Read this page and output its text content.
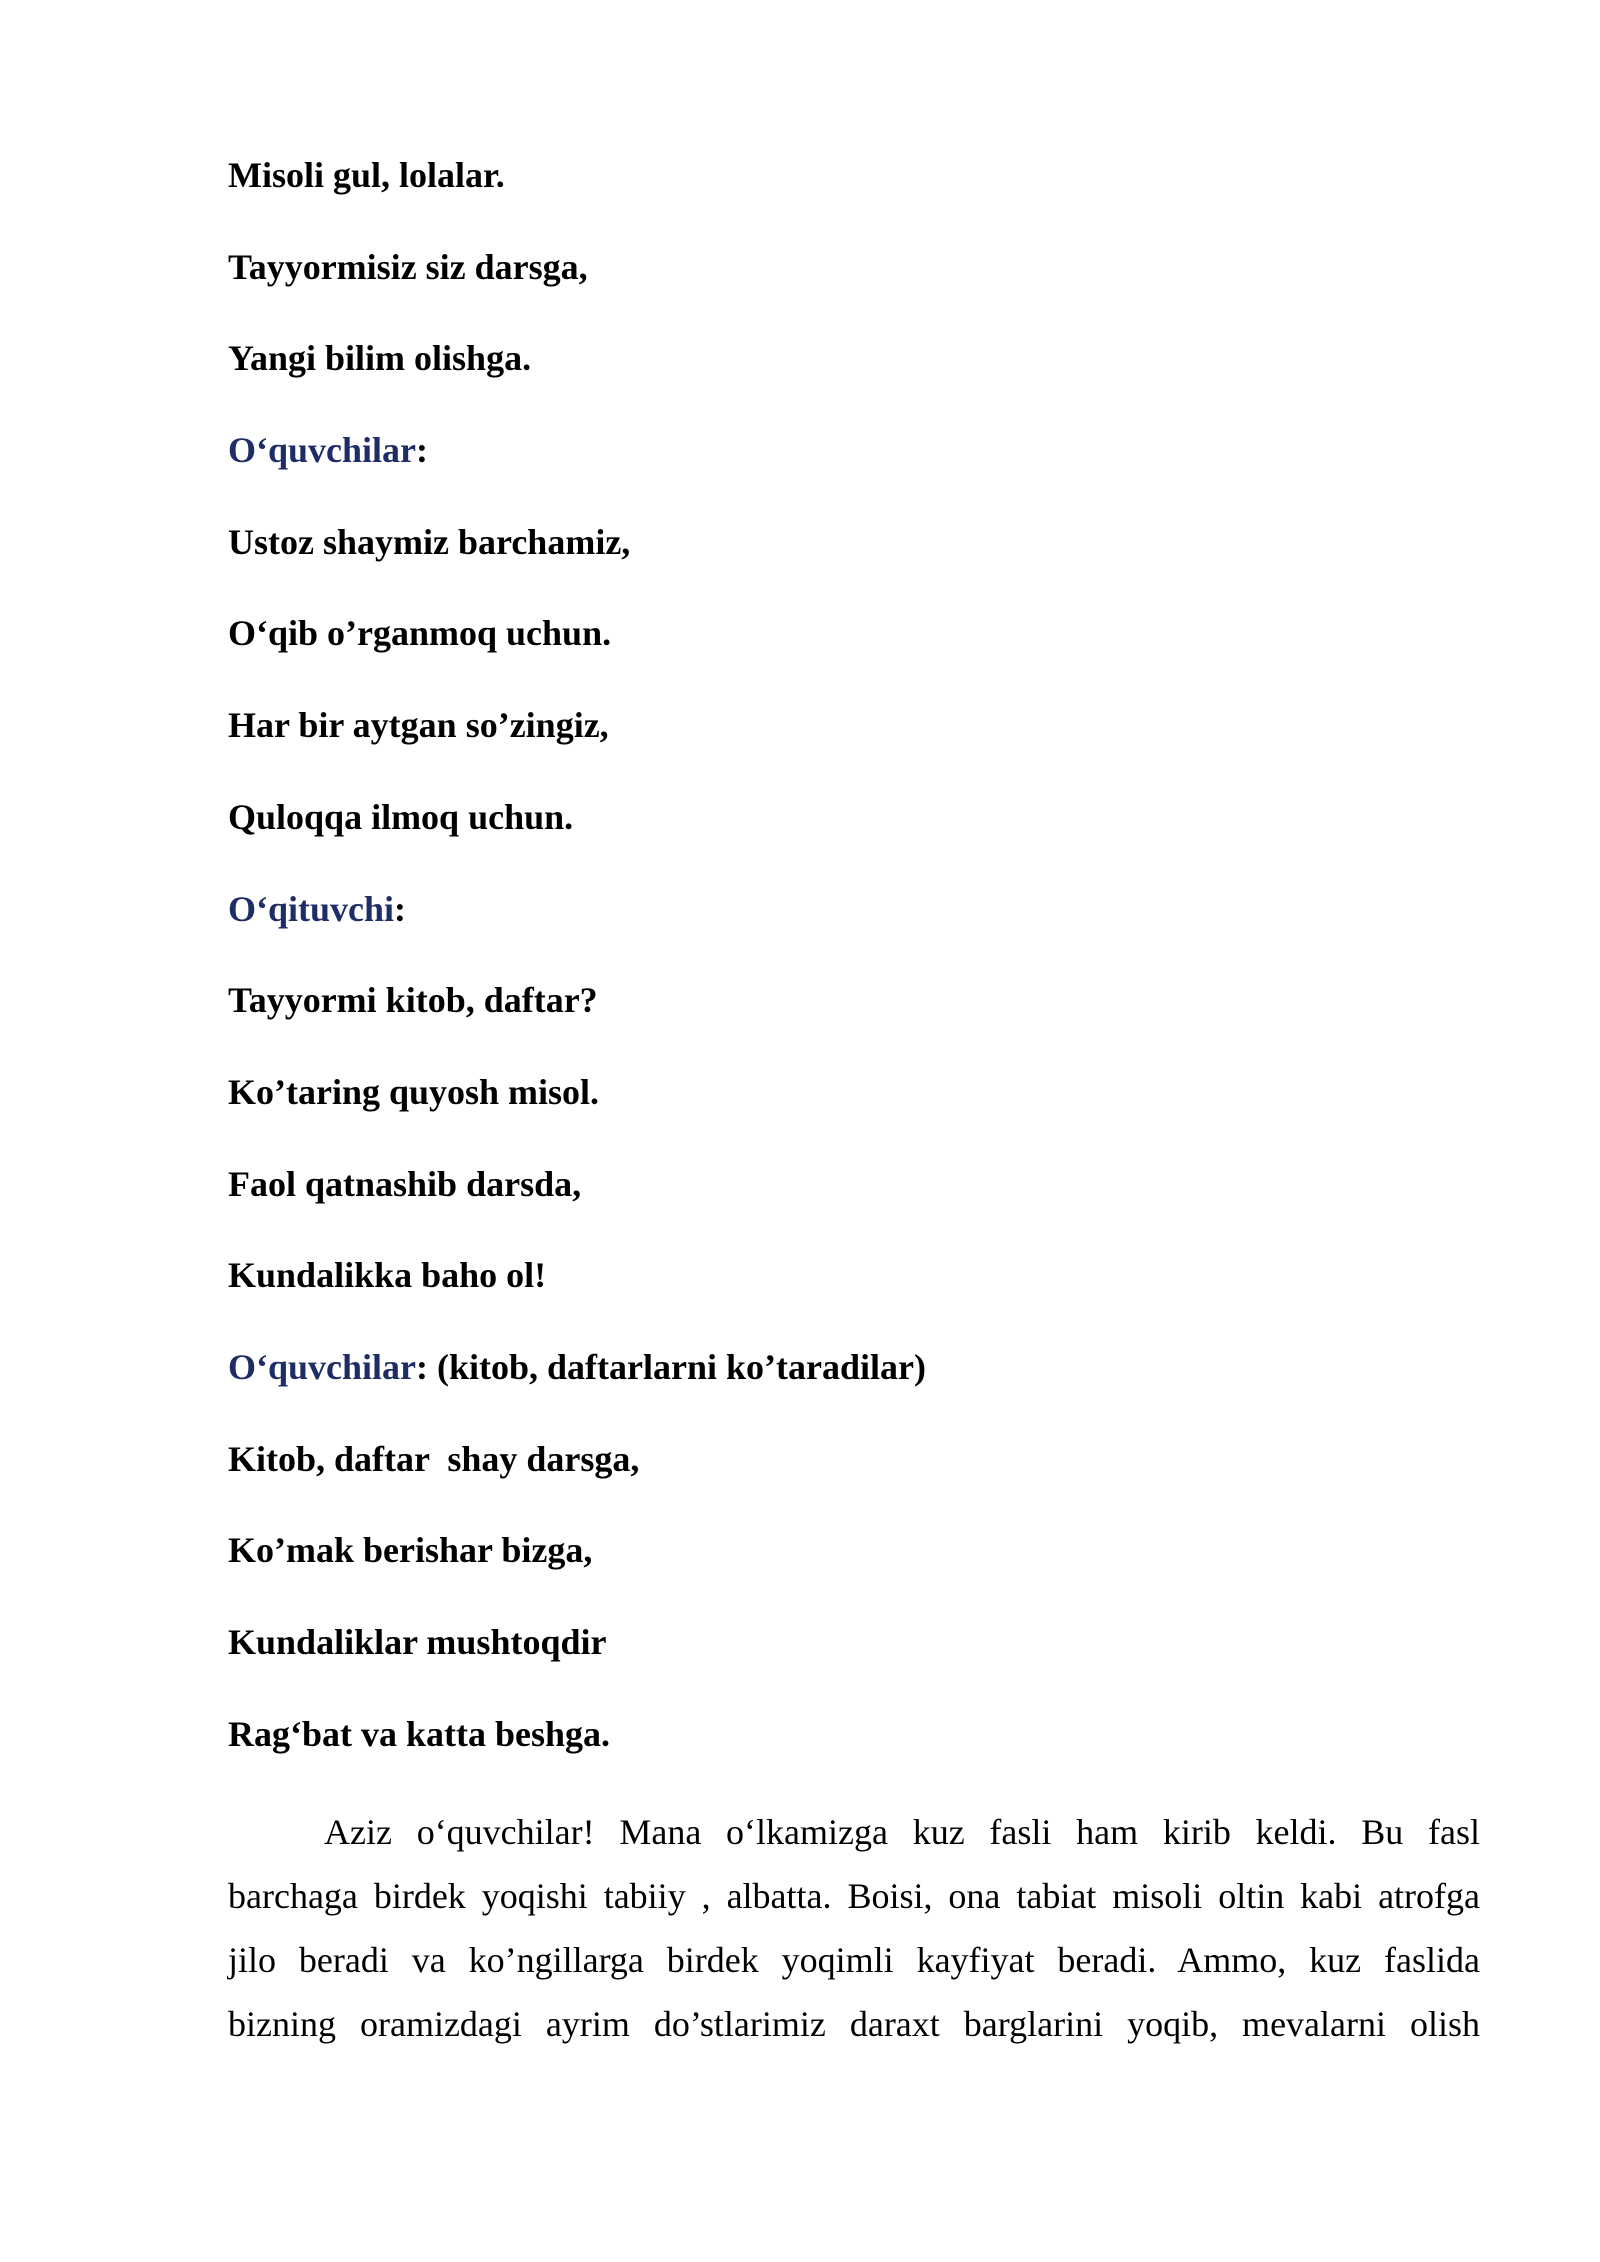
Misoli gul, lolalar.
Tayyormisiz siz darsga,
Yangi bilim olishga.
O‘quvchilar:
Ustoz shaymiz barchamiz,
O‘qib o’rganmoq uchun.
Har bir aytgan so’zingiz,
Quloqqa ilmoq uchun.
O‘qituvchi:
Tayyormi kitob, daftar?
Ko’taring quyosh misol.
Faol qatnashib darsda,
Kundalikka baho ol!
O‘quvchilar: (kitob, daftarlarni ko’taradilar)
Kitob, daftar  shay darsga,
Ko’mak berishar bizga,
Kundaliklar mushtoqdir
Rag‘bat va katta beshga.
Aziz o‘quvchilar! Mana o‘lkamizga kuz fasli ham kirib keldi. Bu fasl
barchaga birdek yoqishi tabiiy , albatta. Boisi, ona tabiat misoli oltin kabi atrofga
jilo beradi va ko’ngillarga birdek yoqimli kayfiyat beradi. Ammo, kuz faslida
bizning oramizdagi ayrim do’stlarimiz daraxt barglarini yoqib, mevalarni olish
